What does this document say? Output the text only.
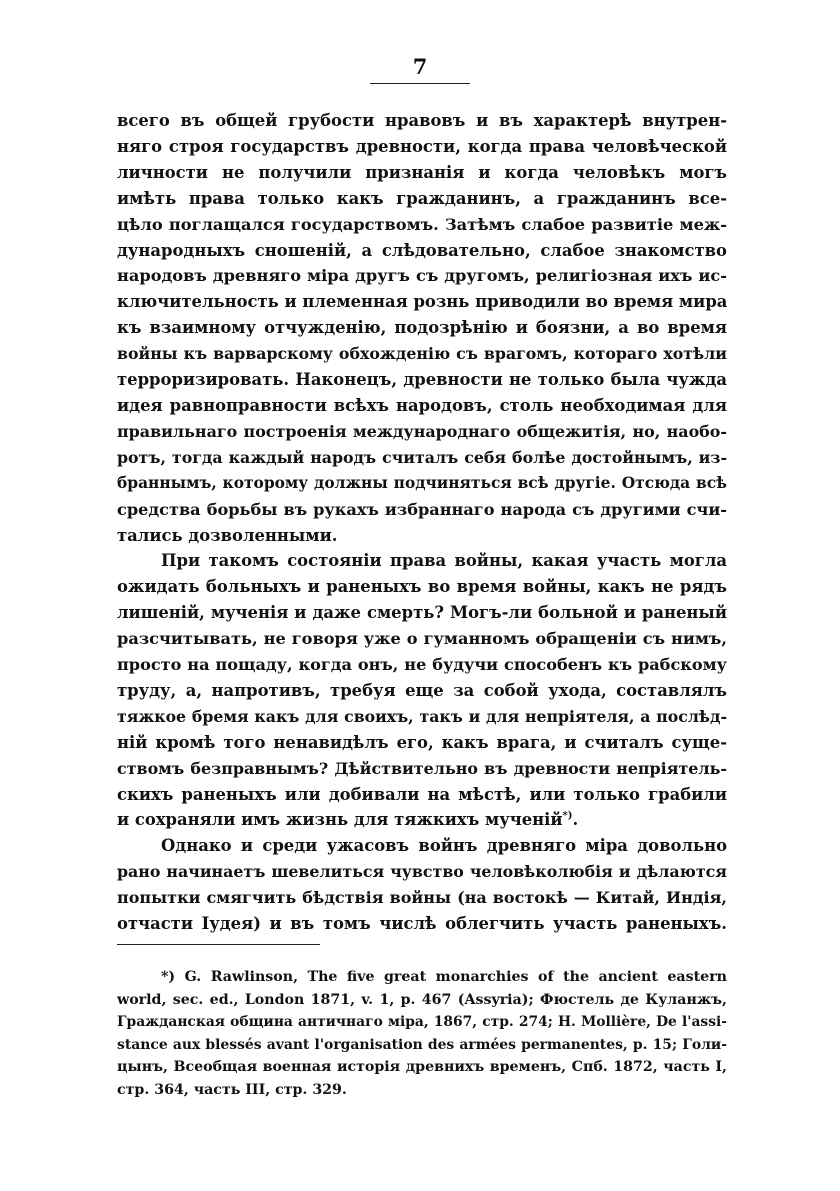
7

всего въ общей грубости нравовъ и въ характерѣ внутрен-
няго строя государствъ древности, когда права человѣческой
личности не получили признанія и когда человѣкъ могъ
имѣть права только какъ гражданинъ, а гражданинъ все-
цѣло поглащался государствомъ. Затѣмъ слабое развитіе меж-
дународныхъ сношеній, а слѣдовательно, слабое знакомство
народовъ древняго міра другъ съ другомъ, религіозная ихъ ис-
ключительность и племенная рознь приводили во время мира
къ взаимному отчужденію, подозрѣнію и боязни, а во время
войны къ варварскому обхожденію съ врагомъ, котораго хотѣли
терроризировать. Наконецъ, древности не только была чужда
идея равноправности всѣхъ народовъ, столь необходимая для
правильнаго построенія международнаго общежитія, но, наобо-
ротъ, тогда каждый народъ считалъ себя болѣе достойнымъ, из-
браннымъ, которому должны подчиняться всѣ другіе. Отсюда всѣ
средства борьбы въ рукахъ избраннаго народа съ другими счи-
тались дозволенными.

При такомъ состояніи права войны, какая участь могла
ожидать больныхъ и раненыхъ во время войны, какъ не рядъ
лишеній, мученія и даже смерть? Могъ-ли больной и раненый
разсчитывать, не говоря уже о гуманномъ обращеніи съ нимъ,
просто на пощаду, когда онъ, не будучи способенъ къ рабскому
труду, а, напротивъ, требуя еще за собой ухода, составлялъ
тяжкое бремя какъ для своихъ, такъ и для непріятеля, а послѣд-
ній кромѣ того ненавидѣлъ его, какъ врага, и считалъ суще-
ствомъ безправнымъ? Дѣйствительно въ древности непріятель-
скихъ раненыхъ или добивали на мѣстѣ, или только грабили
и сохраняли имъ жизнь для тяжкихъ мученій*).

Однако и среди ужасовъ войнъ древняго міра довольно
рано начинаетъ шевелиться чувство человѣколюбія и дѣлаются
попытки смягчить бѣдствія войны (на востокѣ — Китай, Индія,
отчасти Іудея) и въ томъ числѣ облегчить участь раненыхъ.

*) G. Rawlinson, The five great monarchies of the ancient eastern
world, sec. ed., London 1871, v. 1, p. 467 (Assyria); Фюстель де Куланжъ,
Гражданская община античнаго міра, 1867, стр. 274; H. Mollière, De l'assi-
stance aux blessés avant l'organisation des armées permanentes, p. 15; Голи-
цынъ, Всеобщая военная исторія древнихъ временъ, Спб. 1872, часть I,
стр. 364, часть III, стр. 329.
